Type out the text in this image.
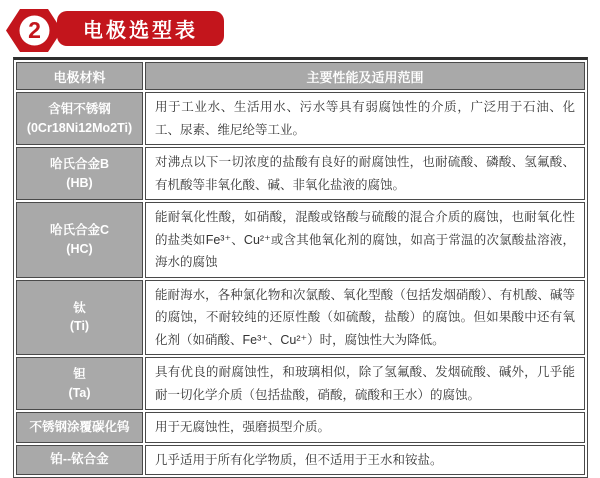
2	电极选型表
电极材料	主要性能及适用范围

含钼不锈钢
(0Cr18Ni12Mo2Ti)	用于工业水、生活用水、污水等具有弱腐蚀性的介质，广泛用于石油、化工、尿素、维尼纶等工业。

哈氏合金B
(HB)	对沸点以下一切浓度的盐酸有良好的耐腐蚀性，也耐硫酸、磷酸、氢氟酸、有机酸等非氧化酸、碱、非氧化盐液的腐蚀。

哈氏合金C
(HC)	能耐氧化性酸，如硝酸，混酸或铬酸与硫酸的混合介质的腐蚀，也耐氧化性的盐类如Fe³⁺、Cu²⁺或含其他氧化剂的腐蚀，如高于常温的次氯酸盐溶液，海水的腐蚀

钛
(Ti)	能耐海水，各种氯化物和次氯酸、氧化型酸（包括发烟硝酸）、有机酸、碱等的腐蚀，不耐较纯的还原性酸（如硫酸，盐酸）的腐蚀。但如果酸中还有氧化剂（如硝酸、Fe³⁺、Cu²⁺）时，腐蚀性大为降低。

钽
(Ta)	具有优良的耐腐蚀性，和玻璃相似，除了氢氟酸、发烟硫酸、碱外，几乎能耐一切化学介质（包括盐酸，硝酸，硫酸和王水）的腐蚀。

不锈钢涂覆碳化钨	用于无腐蚀性，强磨损型介质。

铂--铱合金	几乎适用于所有化学物质，但不适用于王水和铵盐。
